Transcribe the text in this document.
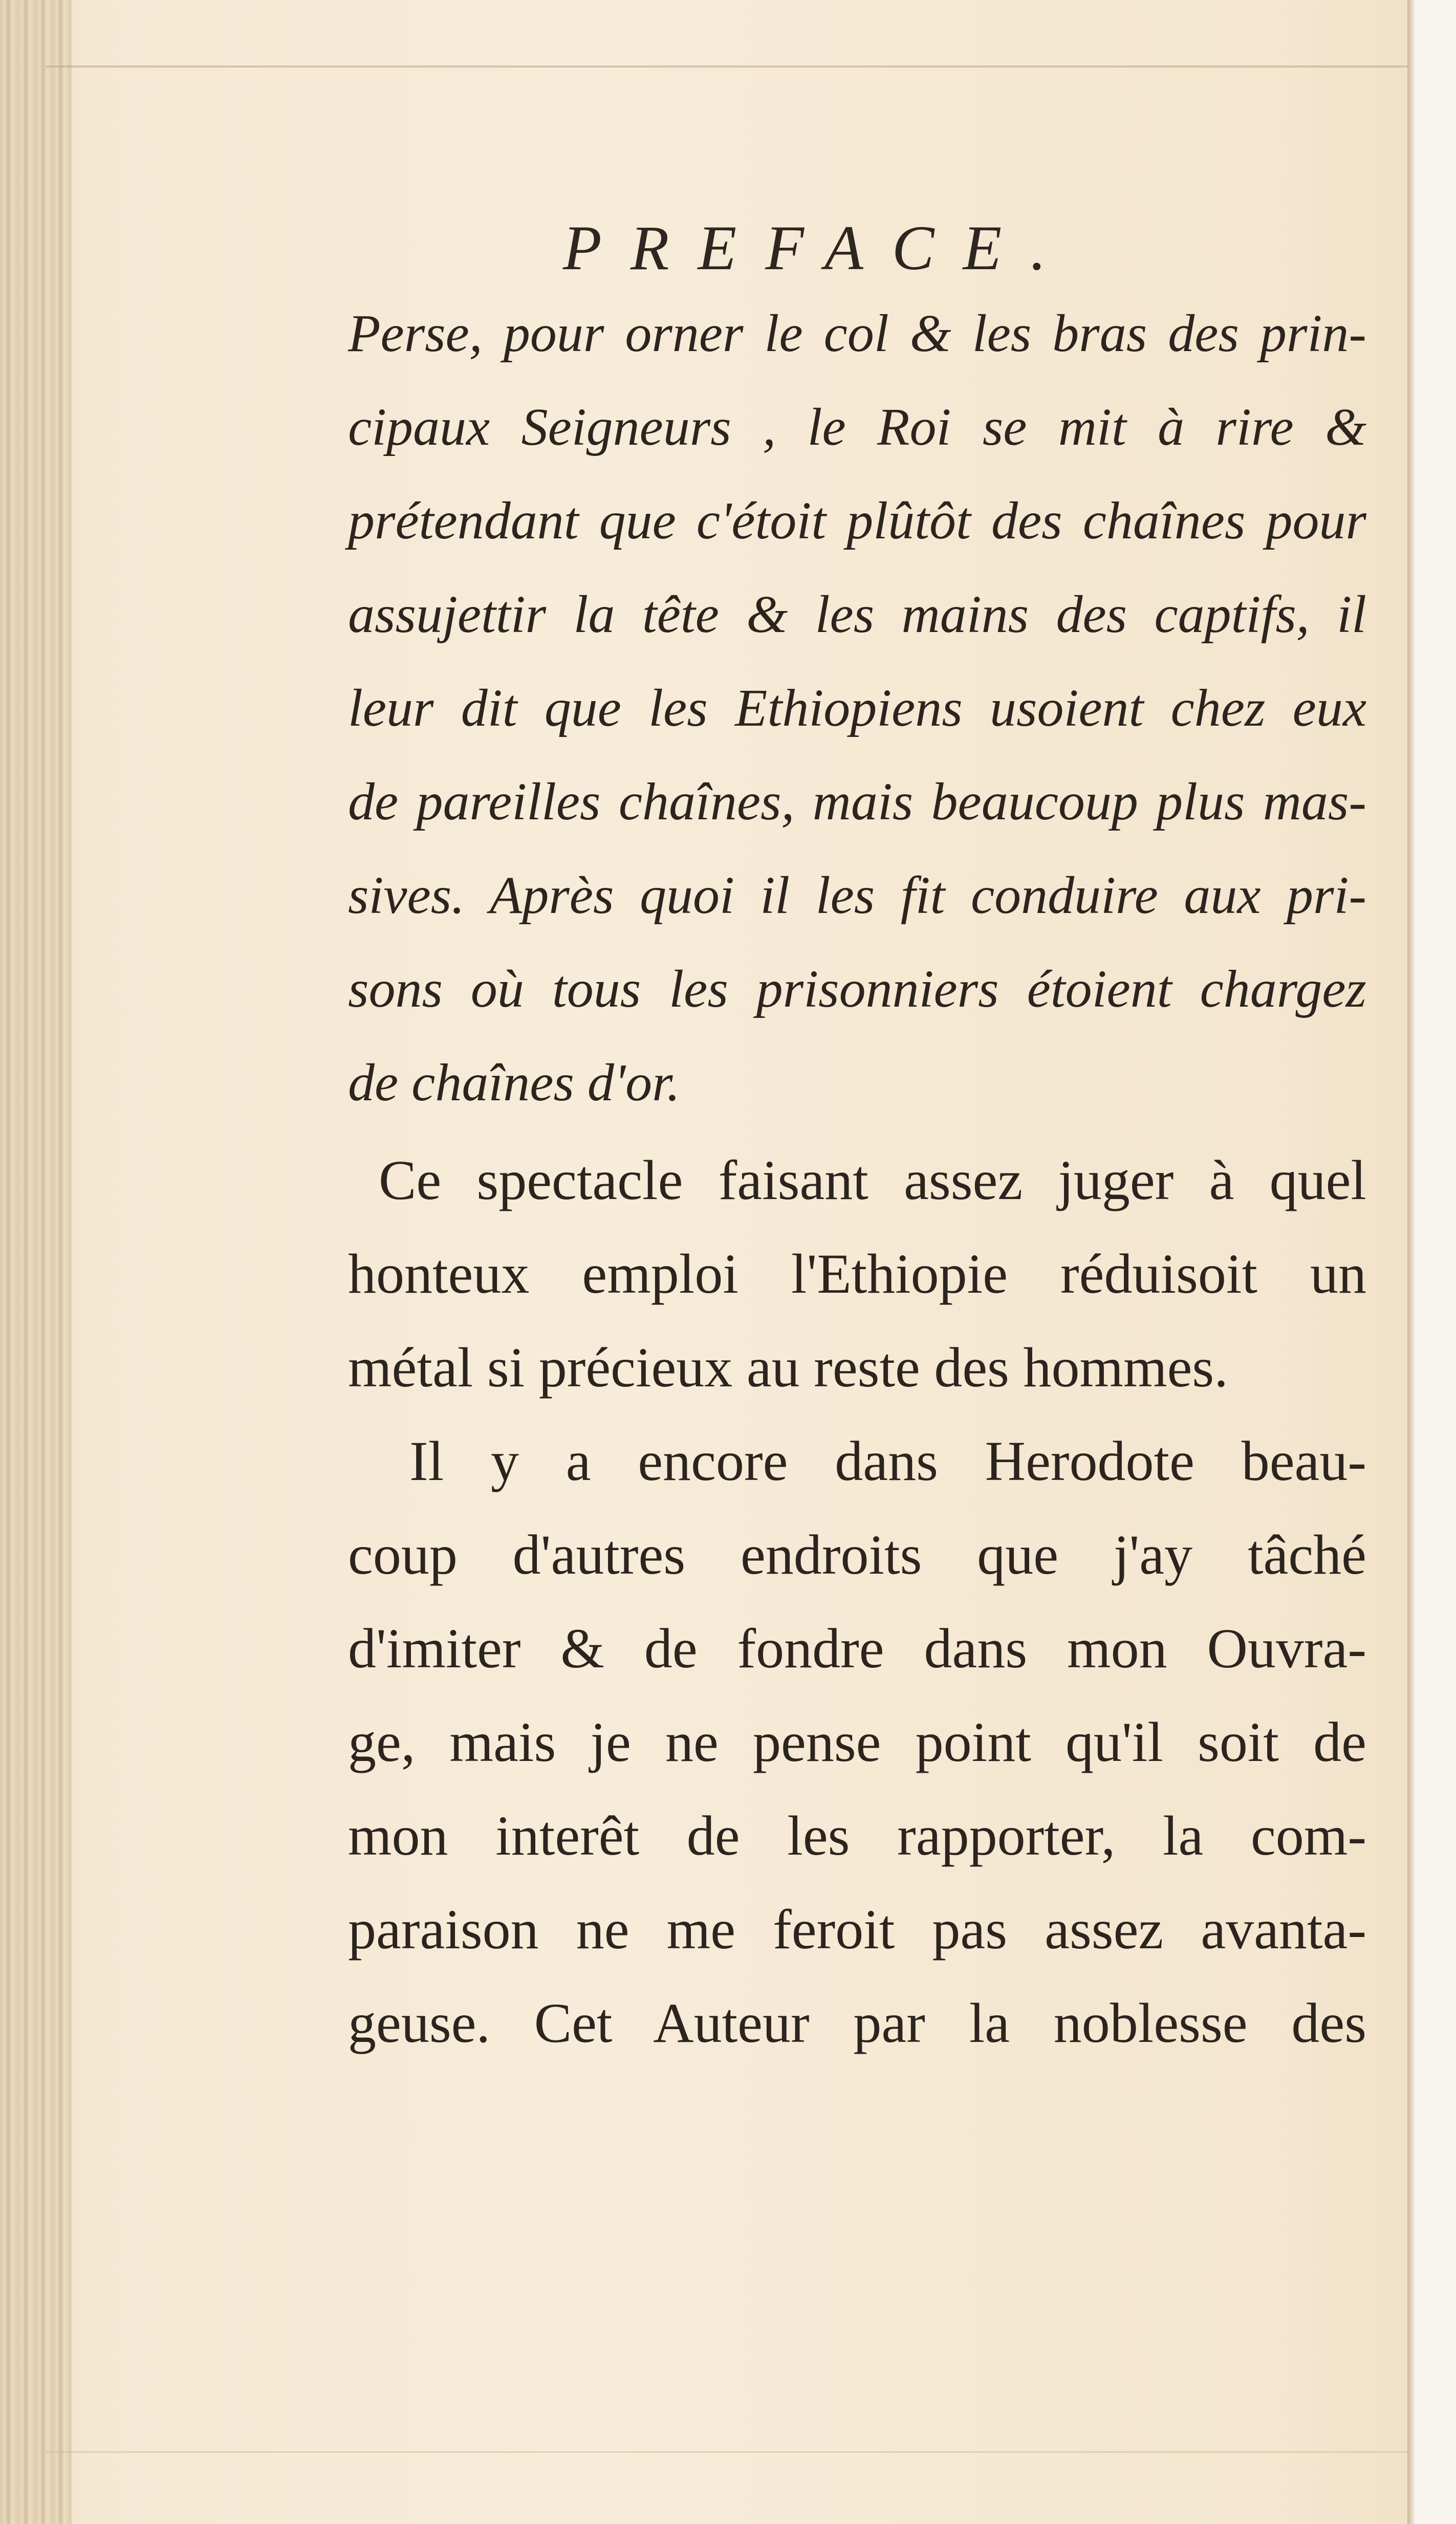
PREFACE.
Perse, pour orner le col & les bras des prin-
cipaux Seigneurs , le Roi se mit à rire &
prétendant que c'étoit plûtôt des chaînes pour
assujettir la tête & les mains des captifs, il
leur dit que les Ethiopiens usoient chez eux
de pareilles chaînes, mais beaucoup plus mas-
sives. Après quoi il les fit conduire aux pri-
sons où tous les prisonniers étoient chargez
de chaînes d'or.
Ce spectacle faisant assez juger à quel
honteux emploi l'Ethiopie réduisoit un
métal si précieux au reste des hommes.
Il y a encore dans Herodote beau-
coup d'autres endroits que j'ay tâché
d'imiter & de fondre dans mon Ouvra-
ge, mais je ne pense point qu'il soit de
mon interêt de les rapporter, la com-
paraison ne me feroit pas assez avanta-
geuse. Cet Auteur par la noblesse des
